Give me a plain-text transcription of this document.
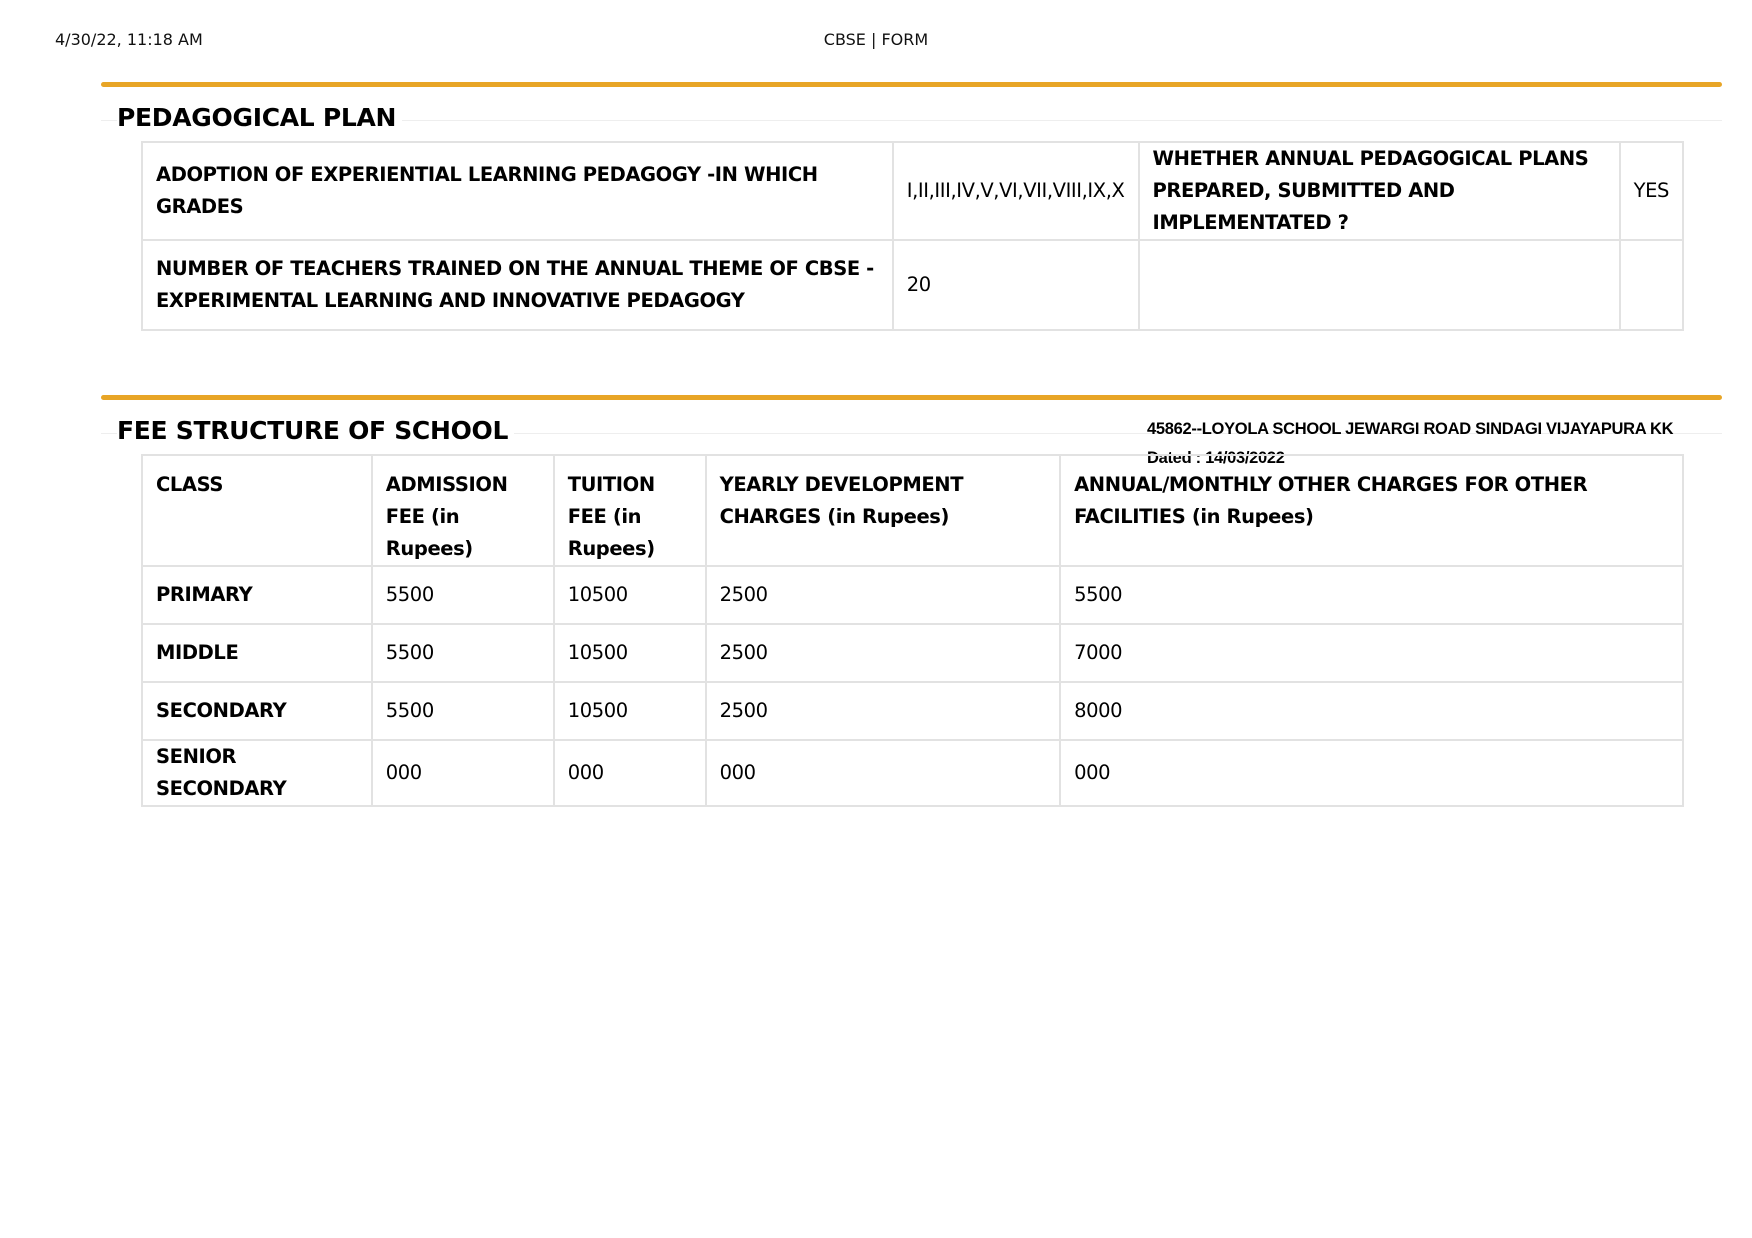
4/30/22, 11:18 AM	CBSE | FORM
PEDAGOGICAL PLAN
ADOPTION OF EXPERIENTIAL LEARNING PEDAGOGY -IN WHICH GRADES	I,II,III,IV,V,VI,VII,VIII,IX,X	WHETHER ANNUAL PEDAGOGICAL PLANS PREPARED, SUBMITTED AND IMPLEMENTATED ?	YES
NUMBER OF TEACHERS TRAINED ON THE ANNUAL THEME OF CBSE - EXPERIMENTAL LEARNING AND INNOVATIVE PEDAGOGY	20		
FEE STRUCTURE OF SCHOOL	45862--LOYOLA SCHOOL JEWARGI ROAD SINDAGI VIJAYAPURA KK
Dated : 14/03/2022
CLASS	ADMISSION FEE (in Rupees)	TUITION FEE (in Rupees)	YEARLY DEVELOPMENT CHARGES (in Rupees)	ANNUAL/MONTHLY OTHER CHARGES FOR OTHER FACILITIES (in Rupees)
PRIMARY	5500	10500	2500	5500
MIDDLE	5500	10500	2500	7000
SECONDARY	5500	10500	2500	8000
SENIOR SECONDARY	000	000	000	000
